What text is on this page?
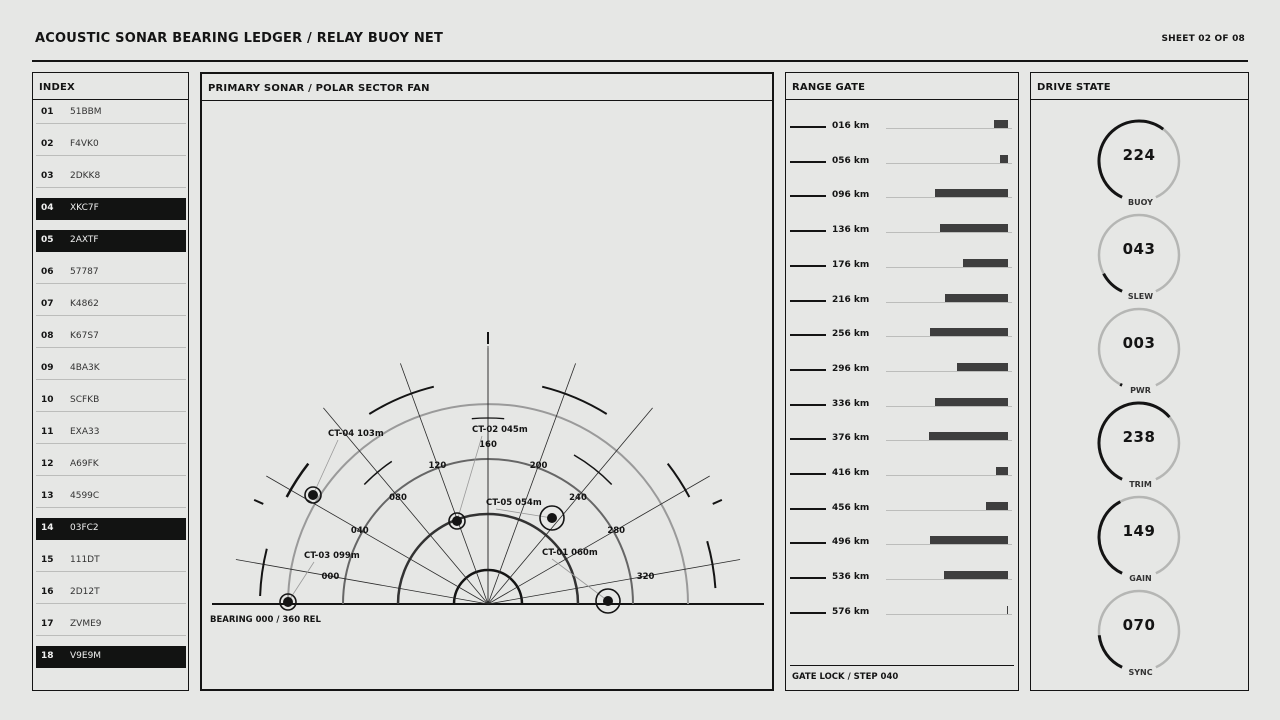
ACOUSTIC SONAR BEARING LEDGER / RELAY BUOY NET	SHEET 02 OF 08
INDEX
01 51BBM
02 F4VK0
03 2DKK8
04 XKC7F
05 2AXTF
06 57787
07 K4862
08 K67S7
09 4BA3K
10 SCFKB
11 EXA33
12 A69FK
13 4599C
14 03FC2
15 111DT
16 2D12T
17 ZVME9
18 V9E9M
PRIMARY SONAR / POLAR SECTOR FAN
000
040
080
120
160
200
240
280
320
CT-01 060m
CT-02 045m
CT-03 099m
CT-04 103m
CT-05 054m
BEARING 000 / 360 REL
RANGE GATE
016 km
056 km
096 km
136 km
176 km
216 km
256 km
296 km
336 km
376 km
416 km
456 km
496 km
536 km
576 km
GATE LOCK / STEP 040
DRIVE STATE
224
BUOY
043
SLEW
003
PWR
238
TRIM
149
GAIN
070
SYNC
